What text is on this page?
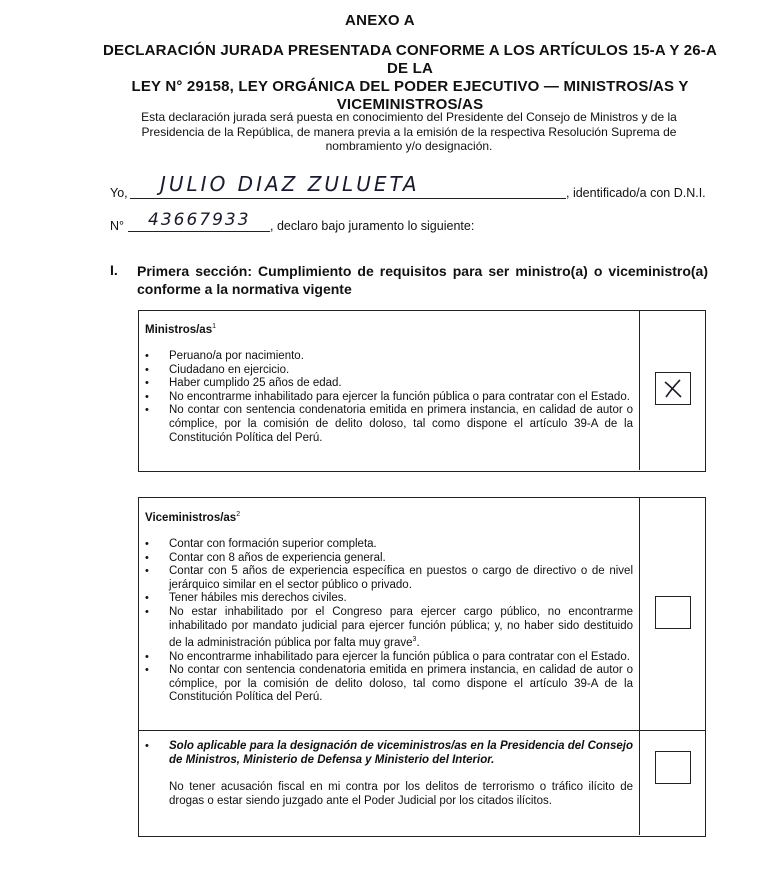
ANEXO A
DECLARACIÓN JURADA PRESENTADA CONFORME A LOS ARTÍCULOS 15-A Y 26-A DE LA
LEY N° 29158, LEY ORGÁNICA DEL PODER EJECUTIVO — MINISTROS/AS Y
VICEMINISTROS/AS
Esta declaración jurada será puesta en conocimiento del Presidente del Consejo de Ministros y de la
Presidencia de la República, de manera previa a la emisión de la respectiva Resolución Suprema de
nombramiento y/o designación.
Yo, JULIO DIAZ ZULUETA	, identificado/a con D.N.I.
N° 43667933 , declaro bajo juramento lo siguiente:
I. Primera sección: Cumplimiento de requisitos para ser ministro(a) o viceministro(a) conforme a la normativa vigente
Ministros/$as^1$
• Peruano/a por nacimiento.
• Ciudadano en ejercicio.
• Haber cumplido 25 años de edad.
• No encontrarme inhabilitado para ejercer la función pública o para contratar con el Estado.
• No contar con sentencia condenatoria emitida en primera instancia, en calidad de autor o cómplice, por la comisión de delito doloso, tal como dispone el artículo 39-A de la Constitución Política del Perú.
Viceministros/$as^2$
• Contar con formación superior completa.
• Contar con 8 años de experiencia general.
• Contar con 5 años de experiencia específica en puestos o cargo de directivo o de nivel jerárquico similar en el sector público o privado.
• Tener hábiles mis derechos civiles.
• No estar inhabilitado por el Congreso para ejercer cargo público, no encontrarme inhabilitado por mandato judicial para ejercer función pública; y, no haber sido destituido de la administración pública por falta muy grave$^3$.
• No encontrarme inhabilitado para ejercer la función pública o para contratar con el Estado.
• No contar con sentencia condenatoria emitida en primera instancia, en calidad de autor o cómplice, por la comisión de delito doloso, tal como dispone el artículo 39-A de la Constitución Política del Perú.
• Solo aplicable para la designación de viceministros/as en la Presidencia del Consejo de Ministros, Ministerio de Defensa y Ministerio del Interior.
No tener acusación fiscal en mi contra por los delitos de terrorismo o tráfico ilícito de drogas o estar siendo juzgado ante el Poder Judicial por los citados ilícitos.
